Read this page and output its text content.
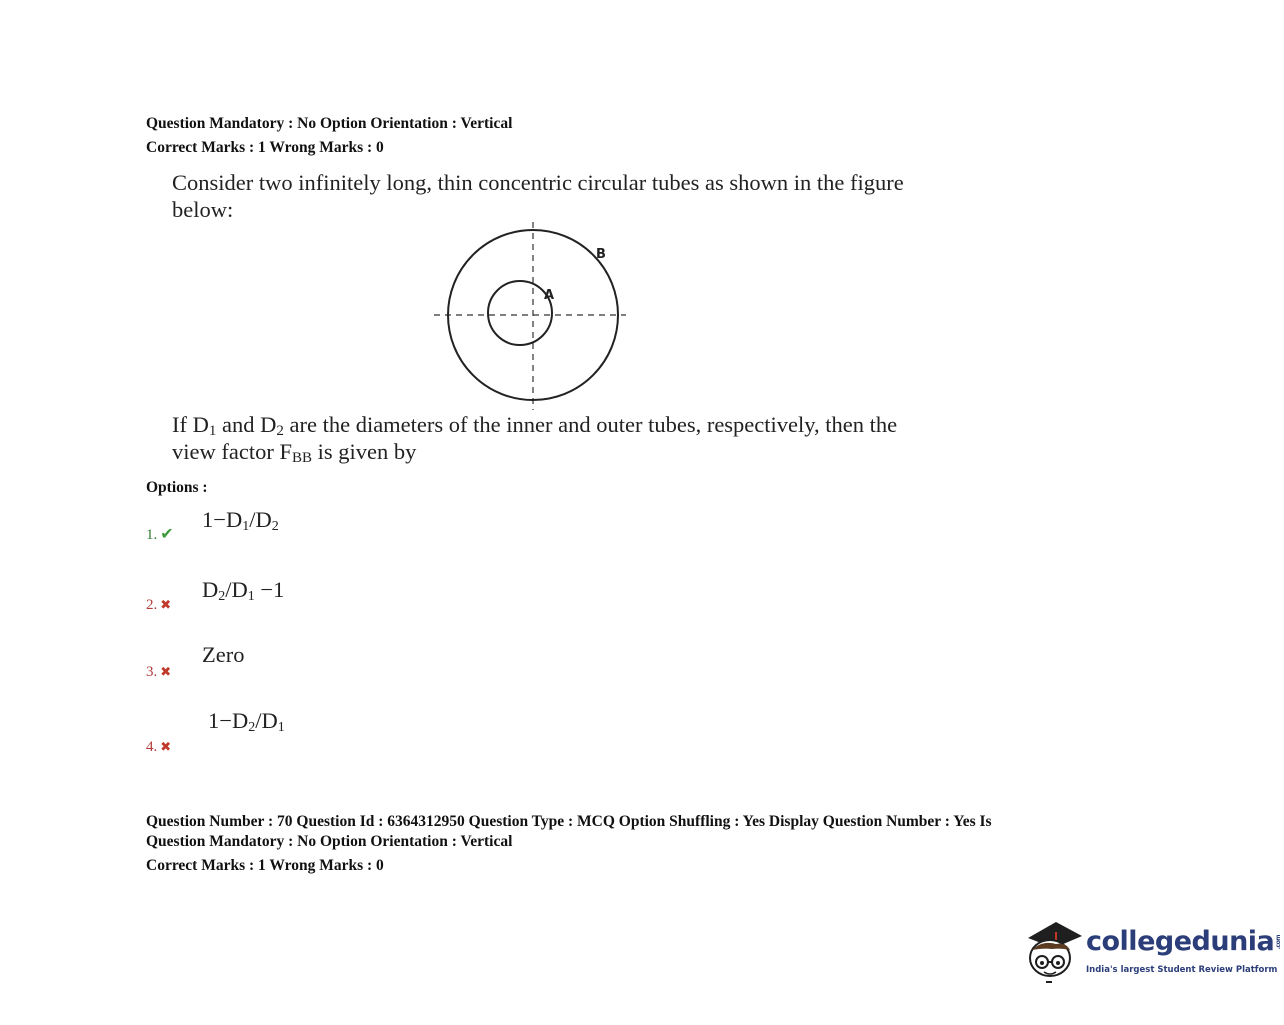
Question Mandatory : No Option Orientation : Vertical
Correct Marks : 1 Wrong Marks : 0
Consider two infinitely long, thin concentric circular tubes as shown in the figure
below:
B
A
If $D_1$ and $D_2$ are the diameters of the inner and outer tubes, respectively, then the
view factor $F_{BB}$ is given by
Options :
1. ✔
$1-D_1/D_2$
2. ✖
$D_2/D_1 -1$
3. ✖
Zero
4. ✖
$1-D_2/D_1$
Question Number : 70 Question Id : 6364312950 Question Type : MCQ Option Shuffling : Yes Display Question Number : Yes Is
Question Mandatory : No Option Orientation : Vertical
Correct Marks : 1 Wrong Marks : 0
collegedunia.com
India's largest Student Review Platform
